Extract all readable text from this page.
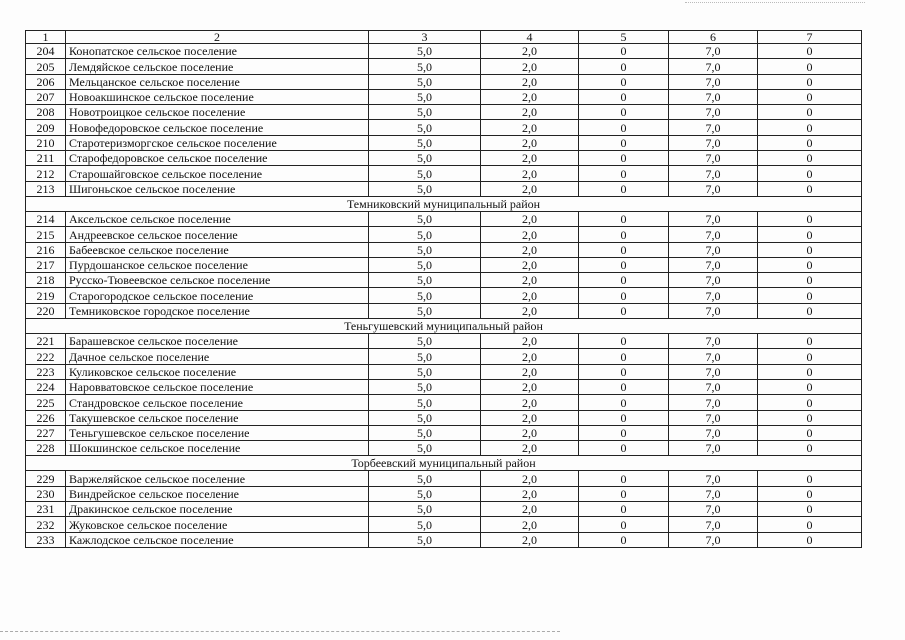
1	2	3	4	5	6	7
204	Конопатское сельское поселение	5,0	2,0	0	7,0	0
205	Лемдяйское сельское поселение	5,0	2,0	0	7,0	0
206	Мельцанское сельское поселение	5,0	2,0	0	7,0	0
207	Новоакшинское сельское поселение	5,0	2,0	0	7,0	0
208	Новотроицкое сельское поселение	5,0	2,0	0	7,0	0
209	Новофедоровское сельское поселение	5,0	2,0	0	7,0	0
210	Старотеризморгское сельское поселение	5,0	2,0	0	7,0	0
211	Старофедоровское сельское поселение	5,0	2,0	0	7,0	0
212	Старошайговское сельское поселение	5,0	2,0	0	7,0	0
213	Шигоньское сельское поселение	5,0	2,0	0	7,0	0
Темниковский муниципальный район						
214	Аксельское сельское поселение	5,0	2,0	0	7,0	0
215	Андреевское сельское поселение	5,0	2,0	0	7,0	0
216	Бабеевское сельское поселение	5,0	2,0	0	7,0	0
217	Пурдошанское сельское поселение	5,0	2,0	0	7,0	0
218	Русско-Тювеевское сельское поселение	5,0	2,0	0	7,0	0
219	Старогородское сельское поселение	5,0	2,0	0	7,0	0
220	Темниковское городское поселение	5,0	2,0	0	7,0	0
Теньгушевский муниципальный район						
221	Барашевское сельское поселение	5,0	2,0	0	7,0	0
222	Дачное сельское поселение	5,0	2,0	0	7,0	0
223	Куликовское сельское поселение	5,0	2,0	0	7,0	0
224	Наровватовское сельское поселение	5,0	2,0	0	7,0	0
225	Стандровское сельское поселение	5,0	2,0	0	7,0	0
226	Такушевское сельское поселение	5,0	2,0	0	7,0	0
227	Теньгушевское сельское поселение	5,0	2,0	0	7,0	0
228	Шокшинское сельское поселение	5,0	2,0	0	7,0	0
Торбеевский муниципальный район						
229	Варжеляйское сельское поселение	5,0	2,0	0	7,0	0
230	Виндрейское сельское поселение	5,0	2,0	0	7,0	0
231	Дракинское сельское поселение	5,0	2,0	0	7,0	0
232	Жуковское сельское поселение	5,0	2,0	0	7,0	0
233	Кажлодское сельское поселение	5,0	2,0	0	7,0	0
